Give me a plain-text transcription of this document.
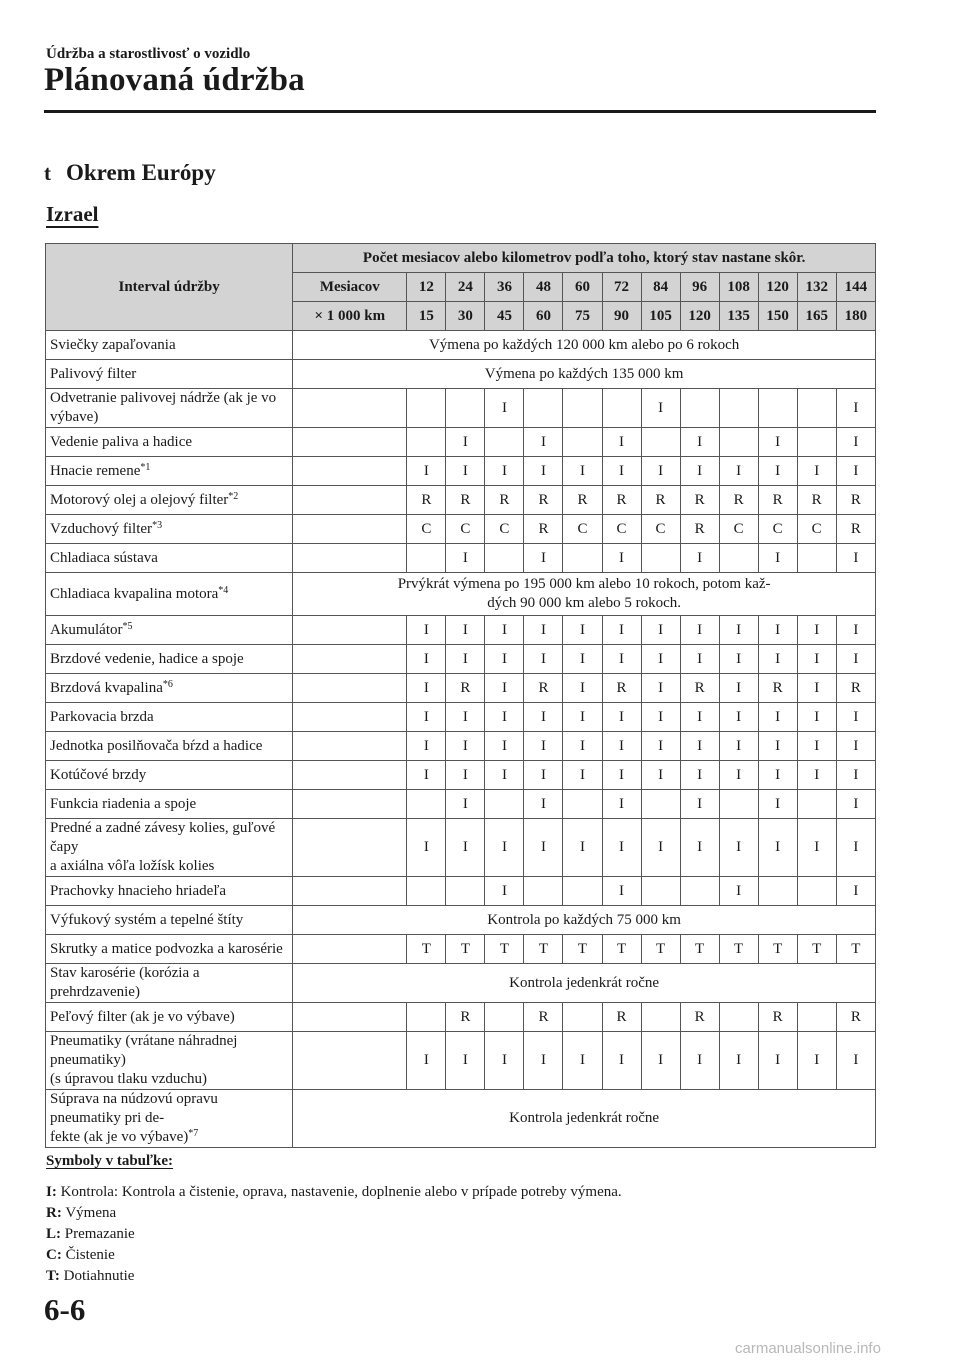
Údržba a starostlivosť o vozidlo
Plánovaná údržba
t Okrem Európy
Izrael
Interval údržby	Počet mesiacov alebo kilometrov podľa toho, ktorý stav nastane skôr.												
	Mesiacov	12	24	36	48	60	72	84	96	108	120	132	144
	× 1 000 km	15	30	45	60	75	90	105	120	135	150	165	180
Sviečky zapaľovania	Výmena po každých 120 000 km alebo po 6 rokoch												
Palivový filter	Výmena po každých 135 000 km												
Odvetranie palivovej nádrže (ak je vo výbave)				I				I					I
Vedenie paliva a hadice			I		I		I		I		I		I
Hnacie remene$^{*1}$		I	I	I	I	I	I	I	I	I	I	I	I
Motorový olej a olejový filter$^{*2}$		R	R	R	R	R	R	R	R	R	R	R	R
Vzduchový filter$^{*3}$		C	C	C	R	C	C	C	R	C	C	C	R
Chladiaca sústava			I		I		I		I		I		I
Chladiaca kvapalina motora$^{*4}$	Prvýkrát výmena po 195 000 km alebo 10 rokoch, potom kaž-
dých 90 000 km alebo 5 rokoch.												
Akumulátor$^{*5}$		I	I	I	I	I	I	I	I	I	I	I	I
Brzdové vedenie, hadice a spoje		I	I	I	I	I	I	I	I	I	I	I	I
Brzdová kvapalina$^{*6}$		I	R	I	R	I	R	I	R	I	R	I	R
Parkovacia brzda		I	I	I	I	I	I	I	I	I	I	I	I
Jednotka posilňovača bŕzd a hadice		I	I	I	I	I	I	I	I	I	I	I	I
Kotúčové brzdy		I	I	I	I	I	I	I	I	I	I	I	I
Funkcia riadenia a spoje			I		I		I		I		I		I
Predné a zadné závesy kolies, guľové čapy
a axiálna vôľa ložísk kolies		I	I	I	I	I	I	I	I	I	I	I	I
Prachovky hnacieho hriadeľa				I			I			I			I
Výfukový systém a tepelné štíty	Kontrola po každých 75 000 km												
Skrutky a matice podvozka a karosérie		T	T	T	T	T	T	T	T	T	T	T	T
Stav karosérie (korózia a prehrdzavenie)	Kontrola jedenkrát ročne												
Peľový filter (ak je vo výbave)			R		R		R		R		R		R
Pneumatiky (vrátane náhradnej pneumatiky)
(s úpravou tlaku vzduchu)		I	I	I	I	I	I	I	I	I	I	I	I
Súprava na núdzovú opravu pneumatiky pri de-
fekte (ak je vo výbave)$^{*7}$	Kontrola jedenkrát ročne												
Symboly v tabuľke:
I: Kontrola: Kontrola a čistenie, oprava, nastavenie, doplnenie alebo v prípade potreby výmena.
R: Výmena
L: Premazanie
C: Čistenie
T: Dotiahnutie
6-6
carmanualsonline.info
